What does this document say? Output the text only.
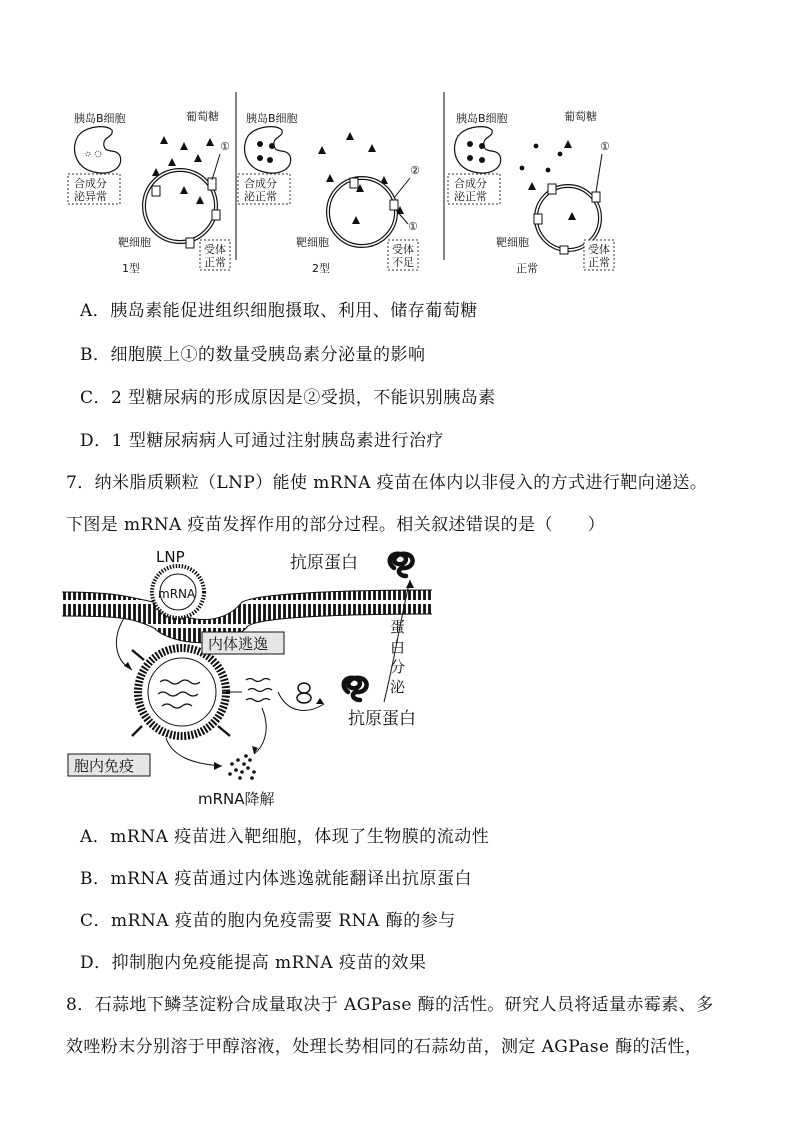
胰岛B细胞
合成分
泌异常
葡萄糖
①
靶细胞
受体
正常
1型
胰岛B细胞
合成分
泌正常
②
①
靶细胞
受体
不足
2型
胰岛B细胞
合成分
泌正常
葡萄糖
①
靶细胞
受体
正常
正常
A．胰岛素能促进组织细胞摄取、利用、储存葡萄糖
B．细胞膜上①的数量受胰岛素分泌量的影响
C．2 型糖尿病的形成原因是②受损，不能识别胰岛素
D．1 型糖尿病病人可通过注射胰岛素进行治疗
7．纳米脂质颗粒（LNP）能使 mRNA 疫苗在体内以非侵入的方式进行靶向递送。
下图是 mRNA 疫苗发挥作用的部分过程。相关叙述错误的是（　　）
LNP
mRNA
内体逃逸
胞内免疫
抗原蛋白
抗原蛋白
蛋
白
分
泌
mRNA降解
A．mRNA 疫苗进入靶细胞，体现了生物膜的流动性
B．mRNA 疫苗通过内体逃逸就能翻译出抗原蛋白
C．mRNA 疫苗的胞内免疫需要 RNA 酶的参与
D．抑制胞内免疫能提高 mRNA 疫苗的效果
8．石蒜地下鳞茎淀粉合成量取决于 AGPase 酶的活性。研究人员将适量赤霉素、多
效唑粉末分别溶于甲醇溶液，处理长势相同的石蒜幼苗，测定 AGPase 酶的活性，
